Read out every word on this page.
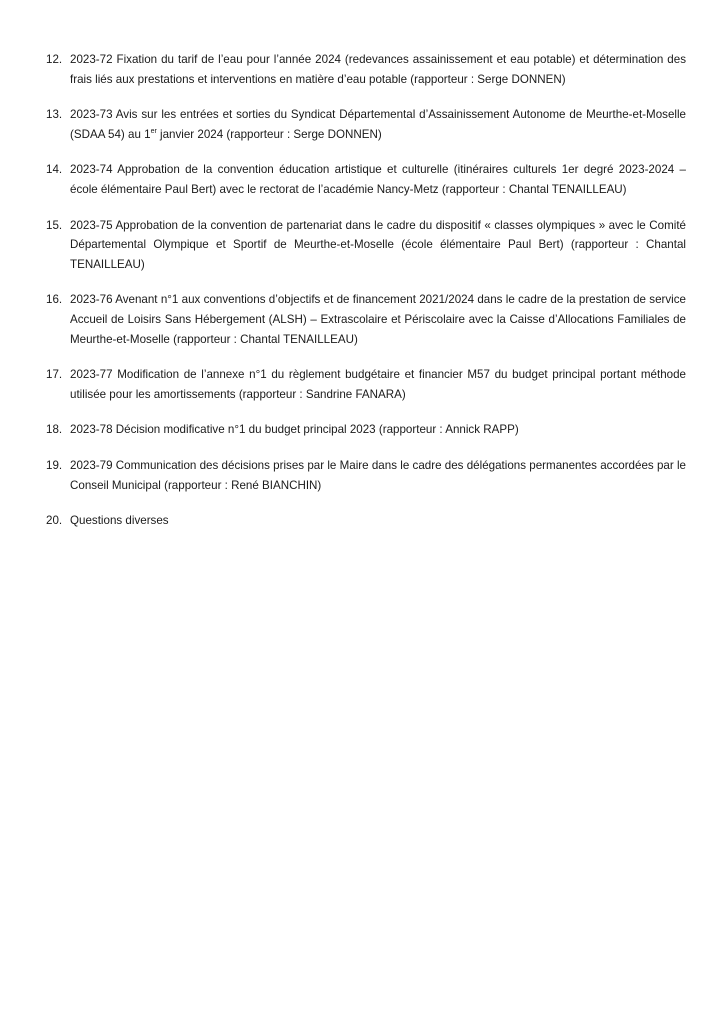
12. 2023-72 Fixation du tarif de l’eau pour l’année 2024 (redevances assainissement et eau potable) et détermination des frais liés aux prestations et interventions en matière d’eau potable (rapporteur : Serge DONNEN)
13. 2023-73 Avis sur les entrées et sorties du Syndicat Départemental d’Assainissement Autonome de Meurthe-et-Moselle (SDAA 54) au 1er janvier 2024 (rapporteur : Serge DONNEN)
14. 2023-74 Approbation de la convention éducation artistique et culturelle (itinéraires culturels 1er degré 2023-2024 – école élémentaire Paul Bert) avec le rectorat de l’académie Nancy-Metz (rapporteur : Chantal TENAILLEAU)
15. 2023-75 Approbation de la convention de partenariat dans le cadre du dispositif « classes olympiques » avec le Comité Départemental Olympique et Sportif de Meurthe-et-Moselle (école élémentaire Paul Bert) (rapporteur : Chantal TENAILLEAU)
16. 2023-76 Avenant n°1 aux conventions d’objectifs et de financement 2021/2024 dans le cadre de la prestation de service Accueil de Loisirs Sans Hébergement (ALSH) – Extrascolaire et Périscolaire avec la Caisse d’Allocations Familiales de Meurthe-et-Moselle (rapporteur : Chantal TENAILLEAU)
17. 2023-77 Modification de l’annexe n°1 du règlement budgétaire et financier M57 du budget principal portant méthode utilisée pour les amortissements (rapporteur : Sandrine FANARA)
18. 2023-78 Décision modificative n°1 du budget principal 2023 (rapporteur : Annick RAPP)
19. 2023-79 Communication des décisions prises par le Maire dans le cadre des délégations permanentes accordées par le Conseil Municipal (rapporteur : René BIANCHIN)
20. Questions diverses
